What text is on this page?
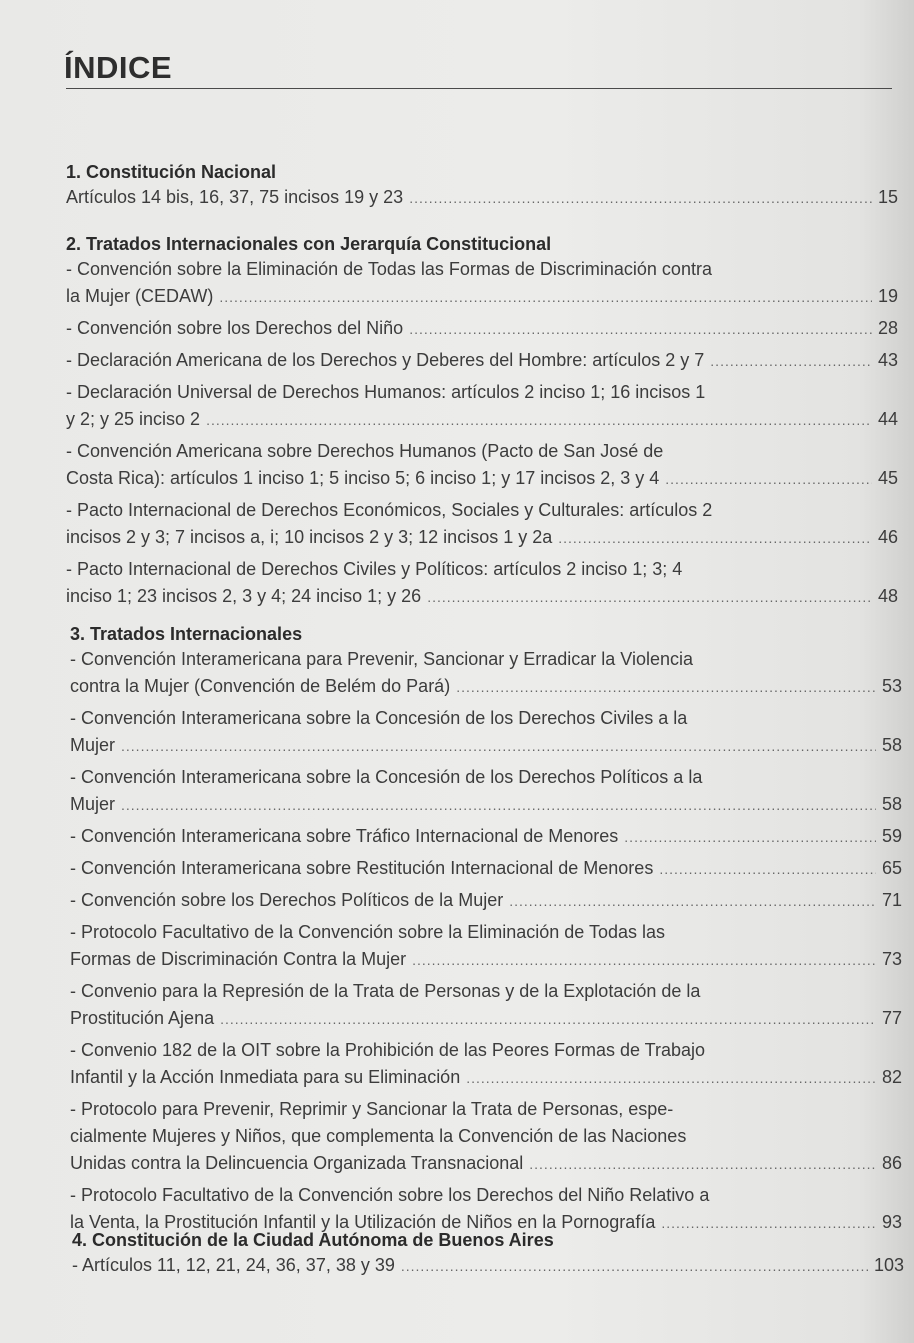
ÍNDICE
1. Constitución Nacional
Artículos 14 bis, 16, 37, 75 incisos 19 y 23 .....	15
2. Tratados Internacionales con Jerarquía Constitucional
- Convención sobre la Eliminación de Todas las Formas de Discriminación contra
la Mujer (CEDAW) .....	19
- Convención sobre los Derechos del Niño .....	28
- Declaración Americana de los Derechos y Deberes del Hombre: artículos 2 y 7 .....	43
- Declaración Universal de Derechos Humanos: artículos 2 inciso 1; 16 incisos 1
y 2; y 25 inciso 2 .....	44
- Convención Americana sobre Derechos Humanos (Pacto de San José de
Costa Rica): artículos 1 inciso 1; 5 inciso 5; 6 inciso 1; y 17 incisos 2, 3 y 4 .....	45
- Pacto Internacional de Derechos Económicos, Sociales y Culturales: artículos 2
incisos 2 y 3; 7 incisos a, i; 10 incisos 2 y 3; 12 incisos 1 y 2a .....	46
- Pacto Internacional de Derechos Civiles y Políticos: artículos 2 inciso 1; 3; 4
inciso 1; 23 incisos 2, 3 y 4; 24 inciso 1; y 26 .....	48
3. Tratados Internacionales
- Convención Interamericana para Prevenir, Sancionar y Erradicar la Violencia
contra la Mujer (Convención de Belém do Pará) .....	53
- Convención Interamericana sobre la Concesión de los Derechos Civiles a la
Mujer .....	58
- Convención Interamericana sobre la Concesión de los Derechos Políticos a la
Mujer .....	58
- Convención Interamericana sobre Tráfico Internacional de Menores .....	59
- Convención Interamericana sobre Restitución Internacional de Menores .....	65
- Convención sobre los Derechos Políticos de la Mujer .....	71
- Protocolo Facultativo de la Convención sobre la Eliminación de Todas las
Formas de Discriminación Contra la Mujer .....	73
- Convenio para la Represión de la Trata de Personas y de la Explotación de la
Prostitución Ajena .....	77
- Convenio 182 de la OIT sobre la Prohibición de las Peores Formas de Trabajo
Infantil y la Acción Inmediata para su Eliminación .....	82
- Protocolo para Prevenir, Reprimir y Sancionar la Trata de Personas, espe-
cialmente Mujeres y Niños, que complementa la Convención de las Naciones
Unidas contra la Delincuencia Organizada Transnacional .....	86
- Protocolo Facultativo de la Convención sobre los Derechos del Niño Relativo a
la Venta, la Prostitución Infantil y la Utilización de Niños en la Pornografía .....	93
4. Constitución de la Ciudad Autónoma de Buenos Aires
- Artículos 11, 12, 21, 24, 36, 37, 38 y 39 .....	103
